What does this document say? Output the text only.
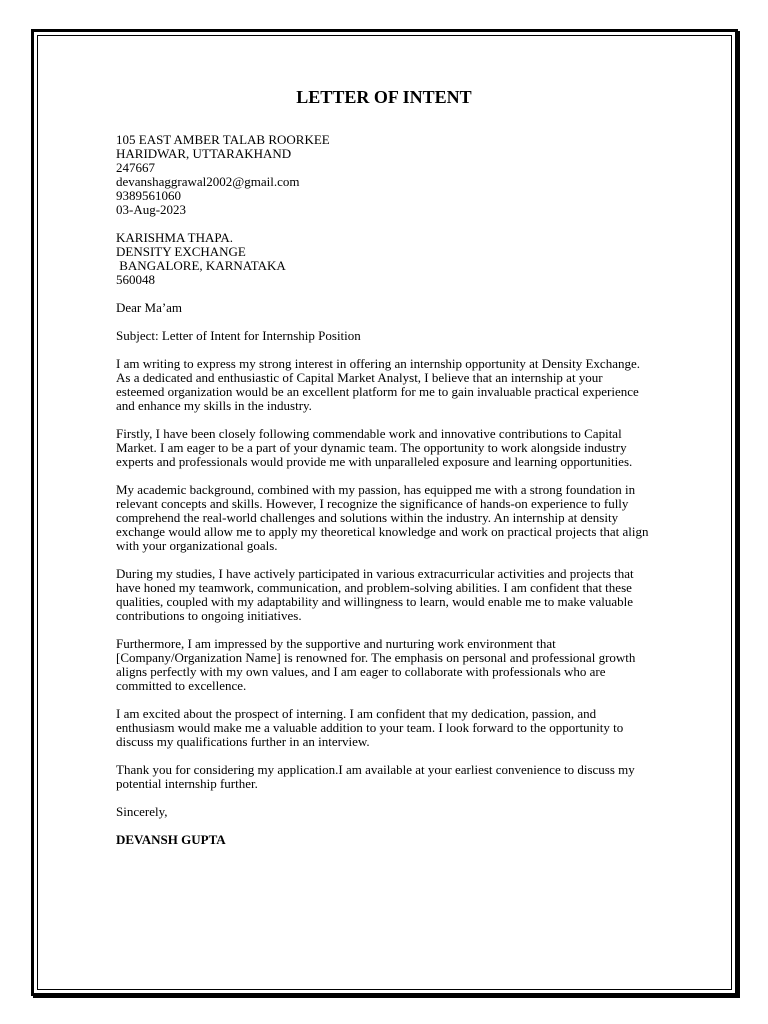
LETTER OF INTENT
105 EAST AMBER TALAB ROORKEE
HARIDWAR, UTTARAKHAND
247667
devanshaggrawal2002@gmail.com
9389561060
03-Aug-2023
KARISHMA THAPA.
DENSITY EXCHANGE
BANGALORE, KARNATAKA
560048

Dear Ma’am

Subject: Letter of Intent for Internship Position

I am writing to express my strong interest in offering an internship opportunity at Density Exchange. As a dedicated and enthusiastic of Capital Market Analyst, I believe that an internship at your esteemed organization would be an excellent platform for me to gain invaluable practical experience and enhance my skills in the industry.

Firstly, I have been closely following commendable work and innovative contributions to Capital Market. I am eager to be a part of your dynamic team. The opportunity to work alongside industry experts and professionals would provide me with unparalleled exposure and learning opportunities.

My academic background, combined with my passion, has equipped me with a strong foundation in relevant concepts and skills. However, I recognize the significance of hands-on experience to fully comprehend the real-world challenges and solutions within the industry. An internship at density exchange would allow me to apply my theoretical knowledge and work on practical projects that align with your organizational goals.

During my studies, I have actively participated in various extracurricular activities and projects that have honed my teamwork, communication, and problem-solving abilities. I am confident that these qualities, coupled with my adaptability and willingness to learn, would enable me to make valuable contributions to ongoing initiatives.

Furthermore, I am impressed by the supportive and nurturing work environment that [Company/Organization Name] is renowned for. The emphasis on personal and professional growth aligns perfectly with my own values, and I am eager to collaborate with professionals who are committed to excellence.

I am excited about the prospect of interning. I am confident that my dedication, passion, and enthusiasm would make me a valuable addition to your team. I look forward to the opportunity to discuss my qualifications further in an interview.

Thank you for considering my application.I am available at your earliest convenience to discuss my potential internship further.

Sincerely,

DEVANSH GUPTA
